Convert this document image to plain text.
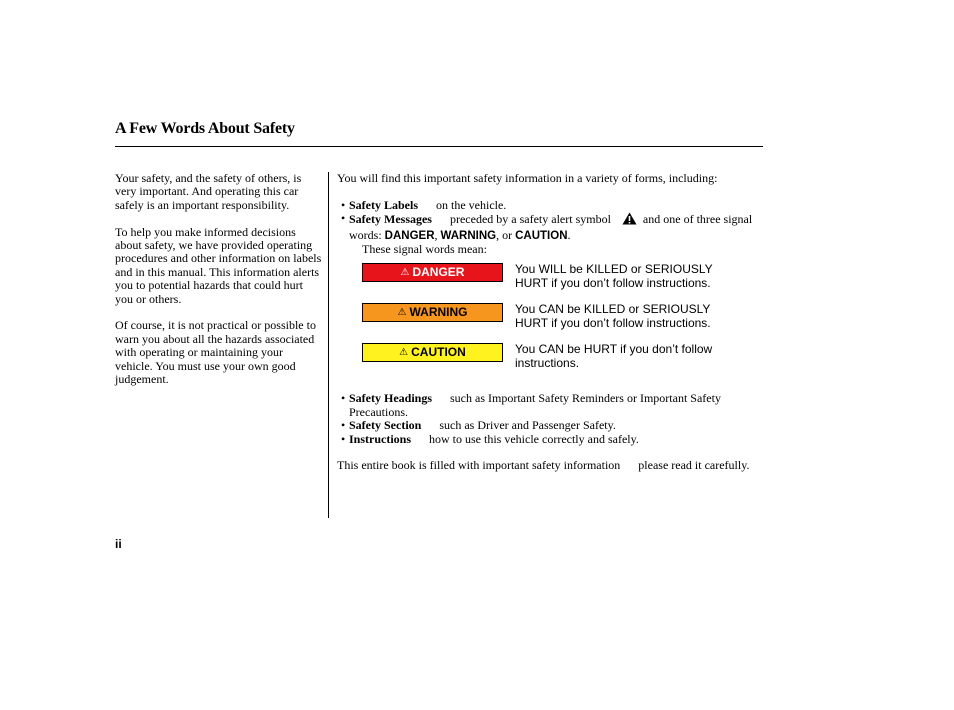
A Few Words About Safety

Your safety, and the safety of others, is very important. And operating this car safely is an important responsibility.

To help you make informed decisions about safety, we have provided operating procedures and other information on labels and in this manual. This information alerts you to potential hazards that could hurt you or others.

Of course, it is not practical or possible to warn you about all the hazards associated with operating or maintaining your vehicle. You must use your own good judgement.

You will find this important safety information in a variety of forms, including:

• Safety Labels on the vehicle.
• Safety Messages preceded by a safety alert symbol	and one of three signal words: DANGER, WARNING, or CAUTION.
These signal words mean:
⚠ DANGER	You WILL be KILLED or SERIOUSLY HURT if you don’t follow instructions.
⚠ WARNING	You CAN be KILLED or SERIOUSLY HURT if you don’t follow instructions.
⚠ CAUTION	You CAN be HURT if you don’t follow instructions.
• Safety Headings such as Important Safety Reminders or Important Safety Precautions.
• Safety Section such as Driver and Passenger Safety.
• Instructions how to use this vehicle correctly and safely.

This entire book is filled with important safety information please read it carefully.

ii
